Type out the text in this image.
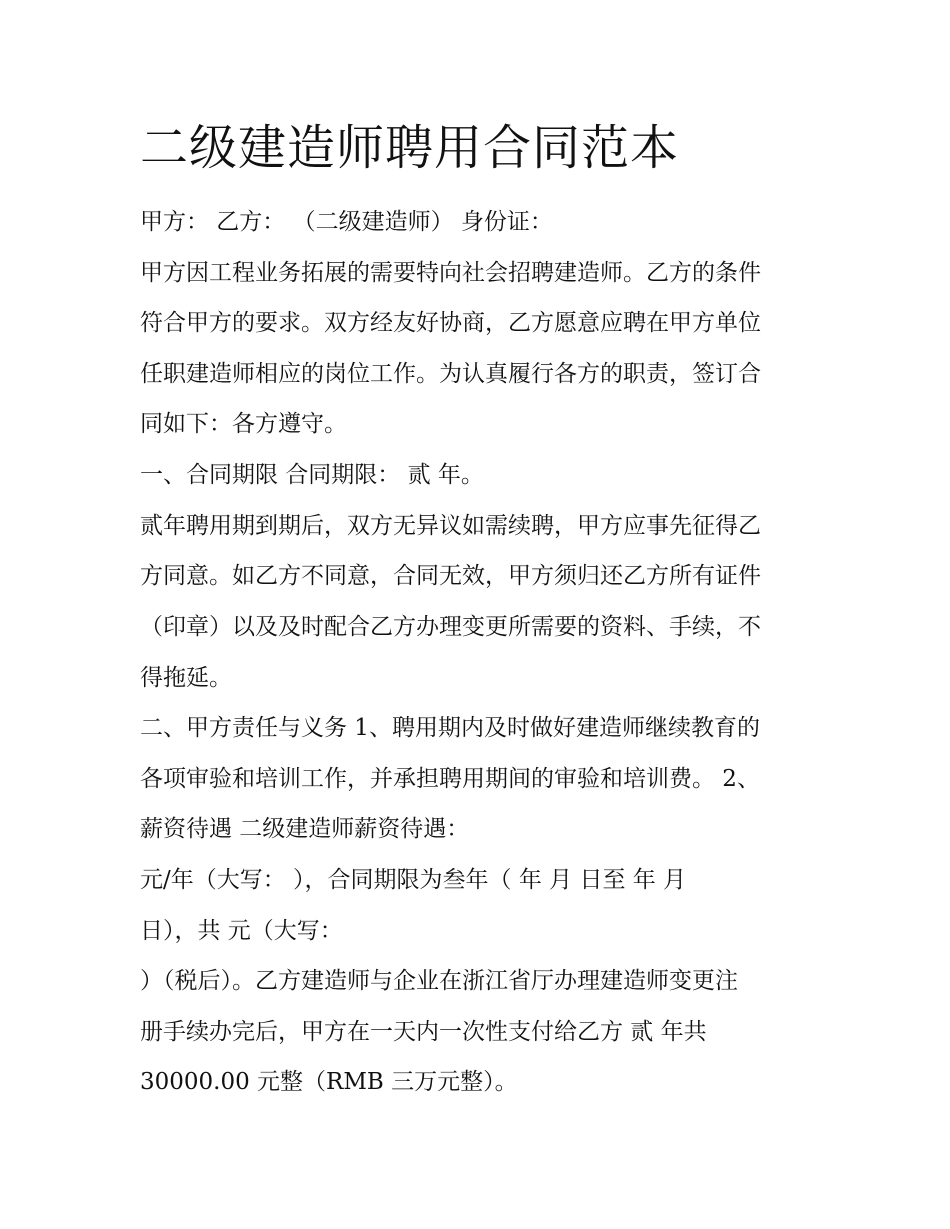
二级建造师聘用合同范本

甲方： 乙方： （二级建造师） 身份证：

甲方因工程业务拓展的需要特向社会招聘建造师。乙方的条件

符合甲方的要求。双方经友好协商，乙方愿意应聘在甲方单位

任职建造师相应的岗位工作。为认真履行各方的职责，签订合

同如下：各方遵守。

一、合同期限 合同期限： 贰 年。

贰年聘用期到期后，双方无异议如需续聘，甲方应事先征得乙

方同意。如乙方不同意，合同无效，甲方须归还乙方所有证件

（印章）以及及时配合乙方办理变更所需要的资料、手续，不

得拖延。

二、甲方责任与义务 1、聘用期内及时做好建造师继续教育的

各项审验和培训工作，并承担聘用期间的审验和培训费。 2、

薪资待遇 二级建造师薪资待遇：

元/年（大写： ），合同期限为叁年（ 年 月 日至 年 月

日），共 元（大写：

）（税后）。乙方建造师与企业在浙江省厅办理建造师变更注

册手续办完后，甲方在一天内一次性支付给乙方 贰 年共

30000.00 元整（RMB 三万元整）。
